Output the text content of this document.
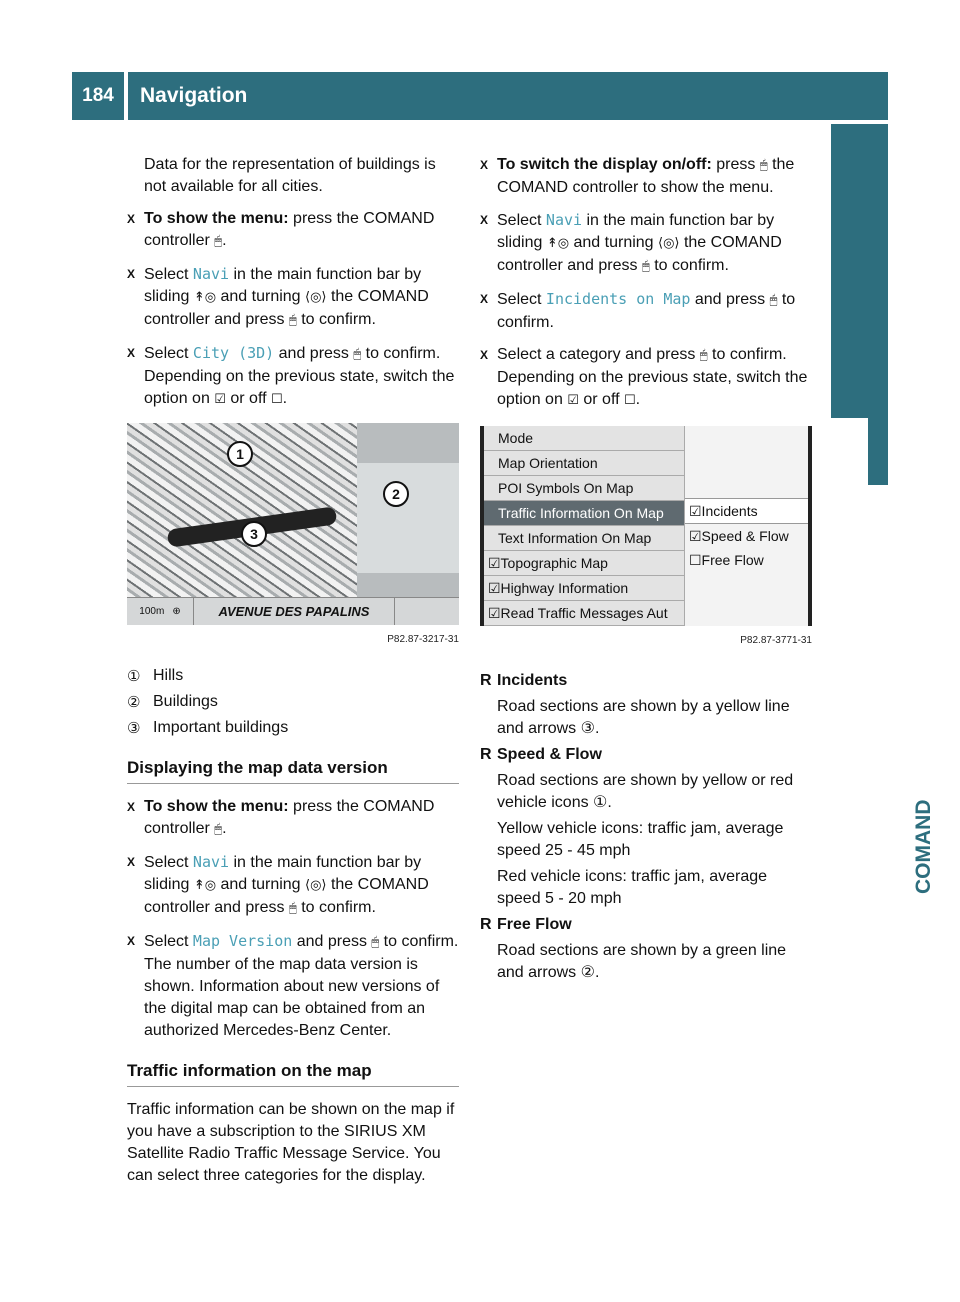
184	Navigation
COMAND

Data for the representation of buildings is not available for all cities.

X To show the menu: press the COMAND controller 🖱.
X Select Navi in the main function bar by sliding ↟◎ and turning ⟨◎⟩ the COMAND controller and press 🖱 to confirm.
X Select City (3D) and press 🖱 to confirm. Depending on the previous state, switch the option on ☑ or off ☐.
1
2
3
100m ⊕	AVENUE DES PAPALINS
P82.87-3217-31
① Hills
② Buildings
③ Important buildings
Displaying the map data version
X To show the menu: press the COMAND controller 🖱.
X Select Navi in the main function bar by sliding ↟◎ and turning ⟨◎⟩ the COMAND controller and press 🖱 to confirm.
X Select Map Version and press 🖱 to confirm.
The number of the map data version is shown. Information about new versions of the digital map can be obtained from an authorized Mercedes-Benz Center.
Traffic information on the map

Traffic information can be shown on the map if you have a subscription to the SIRIUS XM Satellite Radio Traffic Message Service. You can select three categories for the display.

X To switch the display on/off: press 🖱 the COMAND controller to show the menu.
X Select Navi in the main function bar by sliding ↟◎ and turning ⟨◎⟩ the COMAND controller and press 🖱 to confirm.
X Select Incidents on Map and press 🖱 to confirm.
X Select a category and press 🖱 to confirm. Depending on the previous state, switch the option on ☑ or off ☐.
Mode
Map Orientation
POI Symbols On Map
Traffic Information On Map
Text Information On Map
☑Topographic Map
☑Highway Information
☑Read Traffic Messages Aut
☑Incidents
☑Speed & Flow
☐Free Flow
P82.87-3771-31
R Incidents
Road sections are shown by a yellow line and arrows ③.
R Speed & Flow
Road sections are shown by yellow or red vehicle icons ①.
Yellow vehicle icons: traffic jam, average speed 25 - 45 mph
Red vehicle icons: traffic jam, average speed 5 - 20 mph
R Free Flow
Road sections are shown by a green line and arrows ②.
